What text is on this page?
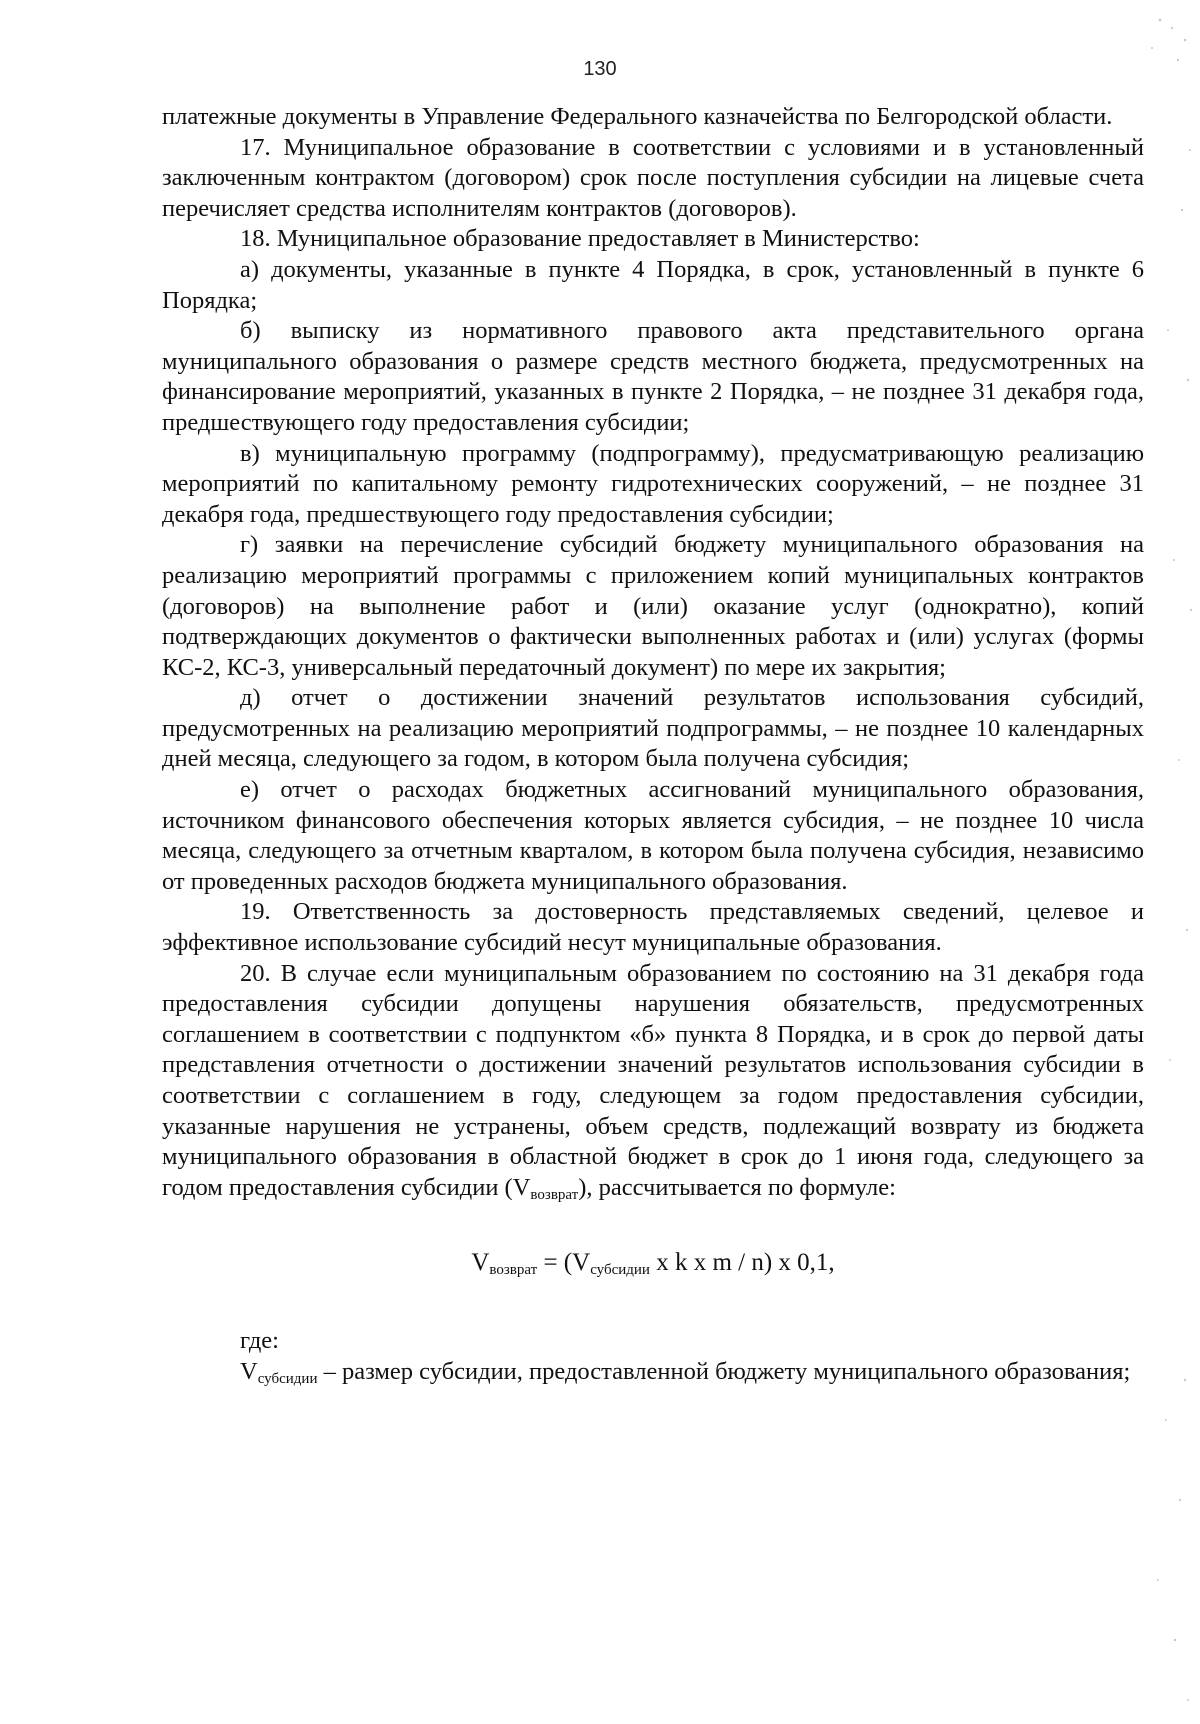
130

платежные документы в Управление Федерального казначейства по Белгородской области.

17. Муниципальное образование в соответствии с условиями и в установленный заключенным контрактом (договором) срок после поступления субсидии на лицевые счета перечисляет средства исполнителям контрактов (договоров).

18. Муниципальное образование предоставляет в Министерство:

а) документы, указанные в пункте 4 Порядка, в срок, установленный в пункте 6 Порядка;

б) выписку из нормативного правового акта представительного органа муниципального образования о размере средств местного бюджета, предусмотренных на финансирование мероприятий, указанных в пункте 2 Порядка, – не позднее 31 декабря года, предшествующего году предоставления субсидии;

в) муниципальную программу (подпрограмму), предусматривающую реализацию мероприятий по капитальному ремонту гидротехнических сооружений, – не позднее 31 декабря года, предшествующего году предоставления субсидии;

г) заявки на перечисление субсидий бюджету муниципального образования на реализацию мероприятий программы с приложением копий муниципальных контрактов (договоров) на выполнение работ и (или) оказание услуг (однократно), копий подтверждающих документов о фактически выполненных работах и (или) услугах (формы КС-2, КС-3, универсальный передаточный документ) по мере их закрытия;

д) отчет о достижении значений результатов использования субсидий, предусмотренных на реализацию мероприятий подпрограммы, – не позднее 10 календарных дней месяца, следующего за годом, в котором была получена субсидия;

е) отчет о расходах бюджетных ассигнований муниципального образования, источником финансового обеспечения которых является субсидия, – не позднее 10 числа месяца, следующего за отчетным кварталом, в котором была получена субсидия, независимо от проведенных расходов бюджета муниципального образования.

19. Ответственность за достоверность представляемых сведений, целевое и эффективное использование субсидий несут муниципальные образования.

20. В случае если муниципальным образованием по состоянию на 31 декабря года предоставления субсидии допущены нарушения обязательств, предусмотренных соглашением в соответствии с подпунктом «б» пункта 8 Порядка, и в срок до первой даты представления отчетности о достижении значений результатов использования субсидии в соответствии с соглашением в году, следующем за годом предоставления субсидии, указанные нарушения не устранены, объем средств, подлежащий возврату из бюджета муниципального образования в областной бюджет в срок до 1 июня года, следующего за годом предоставления субсидии $(V_{возврат})$, рассчитывается по формуле:

$V_{возврат} = (V_{субсидии}$ x k x m / n) x 0,1,

где:

$V_{субсидии}$ – размер субсидии, предоставленной бюджету муниципального образования;
